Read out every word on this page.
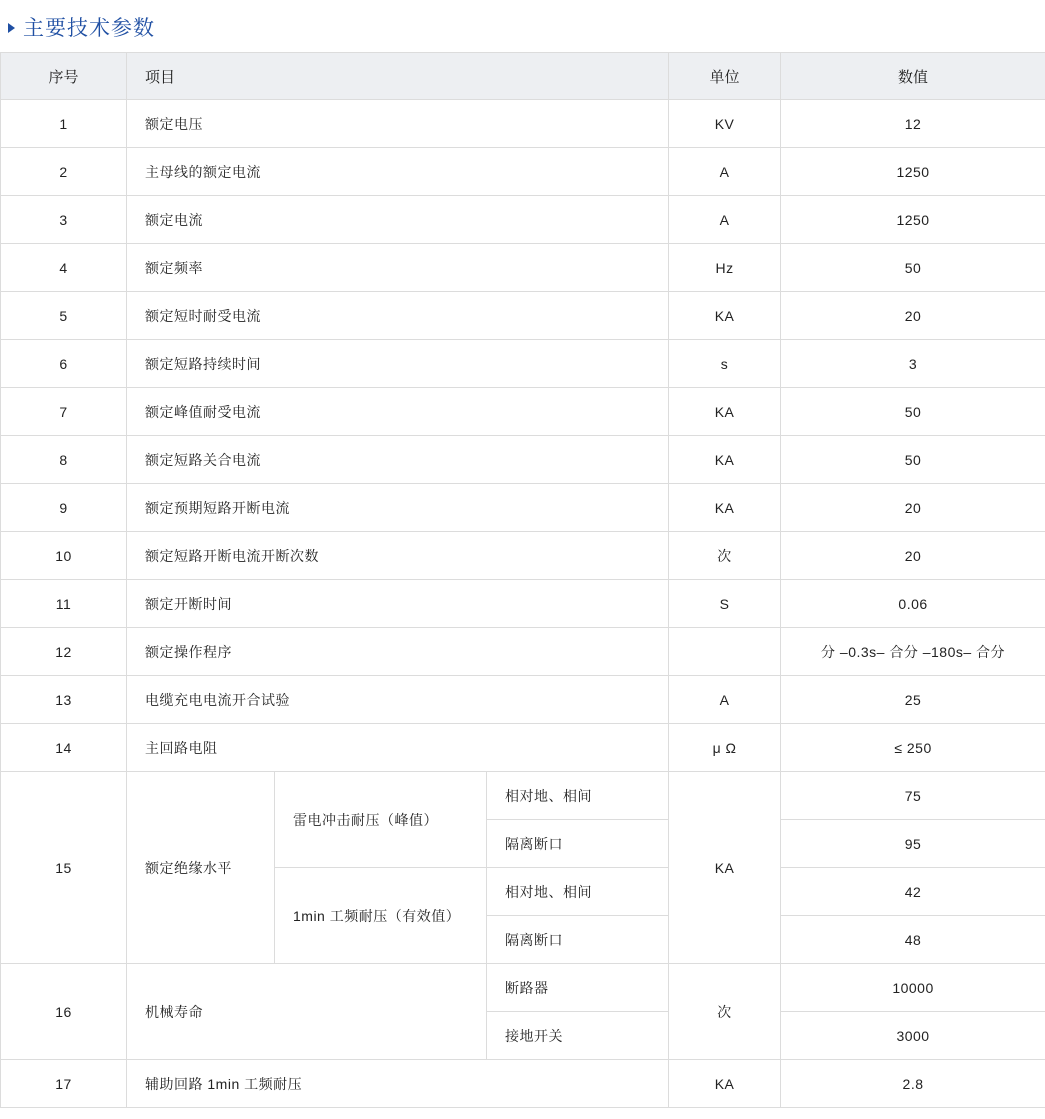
主要技术参数
序号	项目			单位	数值
1	额定电压			KV	12
2	主母线的额定电流			A	1250
3	额定电流			A	1250
4	额定频率			Hz	50
5	额定短时耐受电流			KA	20
6	额定短路持续时间			s	3
7	额定峰值耐受电流			KA	50
8	额定短路关合电流			KA	50
9	额定预期短路开断电流			KA	20
10	额定短路开断电流开断次数			次	20
11	额定开断时间			S	0.06
12	额定操作程序				分 –0.3s– 合分 –180s– 合分
13	电缆充电电流开合试验			A	25
14	主回路电阻			μ Ω	≤ 250
15	额定绝缘水平	雷电冲击耐压（峰值）	相对地、相间	KA	75
			隔离断口		95
		1min 工频耐压（有效值）	相对地、相间		42
			隔离断口		48
16	机械寿命		断路器	次	10000
			接地开关		3000
17	辅助回路 1min 工频耐压			KA	2.8
